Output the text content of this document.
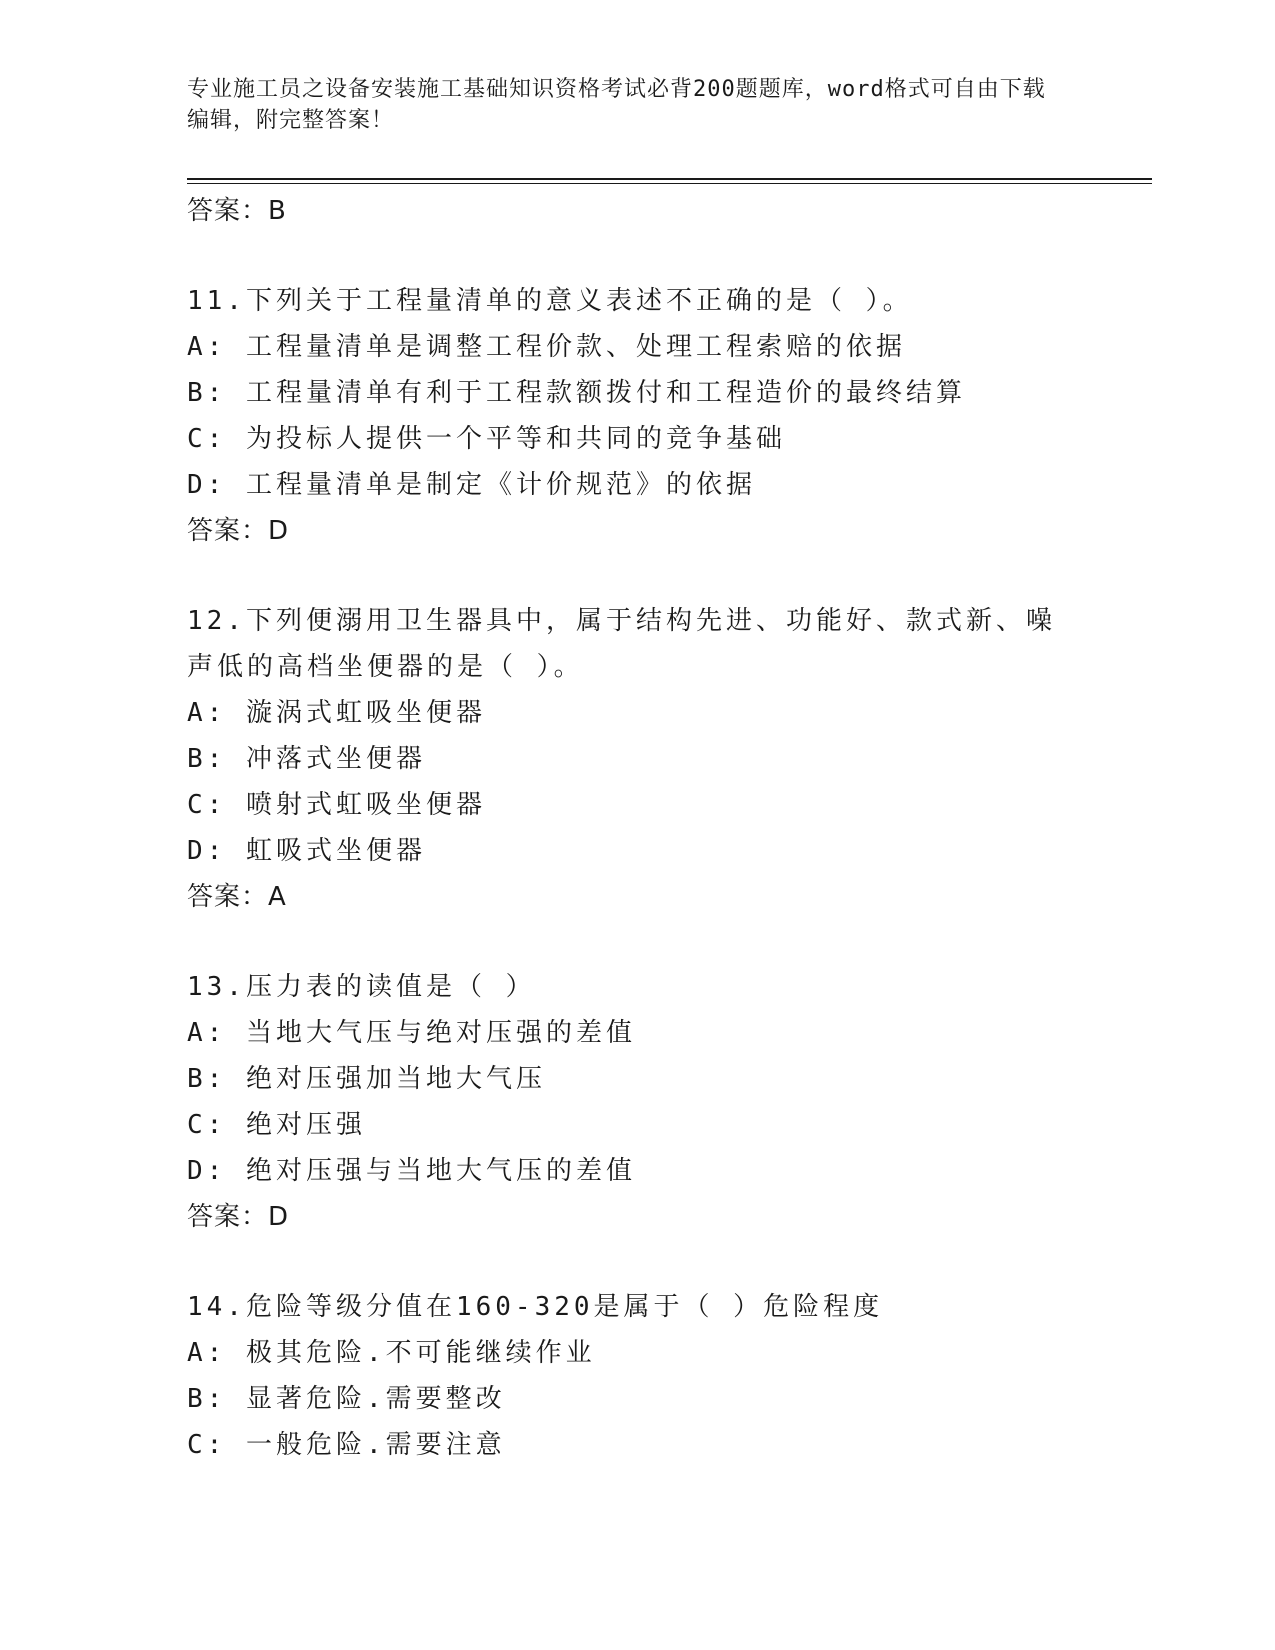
专业施工员之设备安装施工基础知识资格考试必背200题题库，word格式可自由下载编辑，附完整答案！
答案：B
11.下列关于工程量清单的意义表述不正确的是（ ）。
A: 工程量清单是调整工程价款、处理工程索赔的依据
B: 工程量清单有利于工程款额拨付和工程造价的最终结算
C: 为投标人提供一个平等和共同的竞争基础
D: 工程量清单是制定《计价规范》的依据
答案：D
12.下列便溺用卫生器具中，属于结构先进、功能好、款式新、噪声低的高档坐便器的是（ ）。
A: 漩涡式虹吸坐便器
B: 冲落式坐便器
C: 喷射式虹吸坐便器
D: 虹吸式坐便器
答案：A
13.压力表的读值是（ ）
A: 当地大气压与绝对压强的差值
B: 绝对压强加当地大气压
C: 绝对压强
D: 绝对压强与当地大气压的差值
答案：D
14.危险等级分值在160-320是属于（ ）危险程度
A: 极其危险.不可能继续作业
B: 显著危险.需要整改
C: 一般危险.需要注意
